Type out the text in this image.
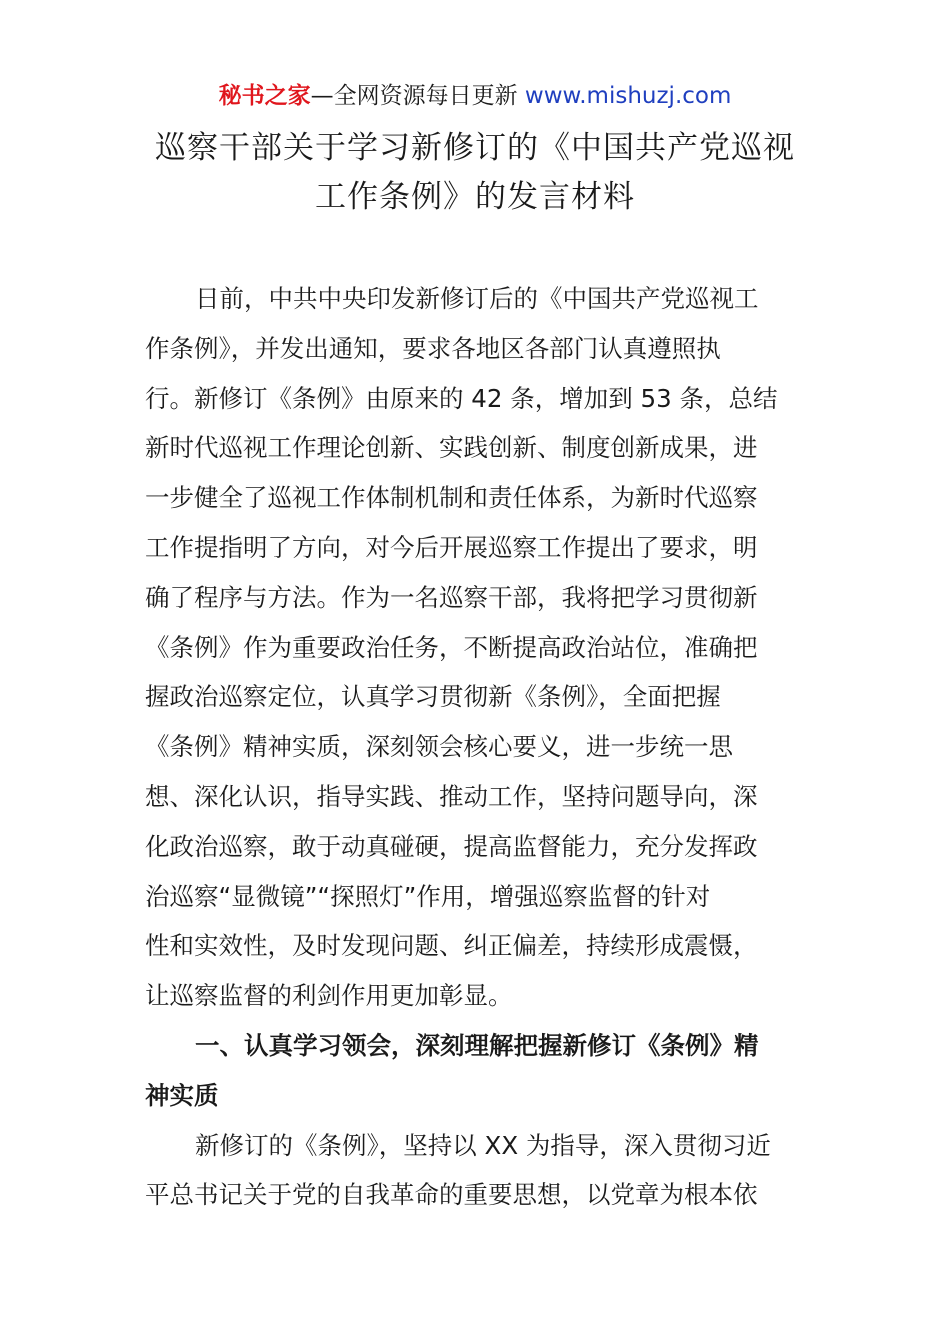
秘书之家—全网资源每日更新 www.mishuzj.com
巡察干部关于学习新修订的《中国共产党巡视
工作条例》的发言材料
日前，中共中央印发新修订后的《中国共产党巡视工
作条例》，并发出通知，要求各地区各部门认真遵照执
行。新修订《条例》由原来的 42 条，增加到 53 条，总结
新时代巡视工作理论创新、实践创新、制度创新成果，进
一步健全了巡视工作体制机制和责任体系，为新时代巡察
工作提指明了方向，对今后开展巡察工作提出了要求，明
确了程序与方法。作为一名巡察干部，我将把学习贯彻新
《条例》作为重要政治任务，不断提高政治站位，准确把
握政治巡察定位，认真学习贯彻新《条例》，全面把握
《条例》精神实质，深刻领会核心要义，进一步统一思
想、深化认识，指导实践、推动工作，坚持问题导向，深
化政治巡察，敢于动真碰硬，提高监督能力，充分发挥政
治巡察“显微镜”“探照灯”作用，增强巡察监督的针对
性和实效性，及时发现问题、纠正偏差，持续形成震慑，
让巡察监督的利剑作用更加彰显。
一、认真学习领会，深刻理解把握新修订《条例》精
神实质
新修订的《条例》，坚持以 XX 为指导，深入贯彻习近
平总书记关于党的自我革命的重要思想，以党章为根本依
